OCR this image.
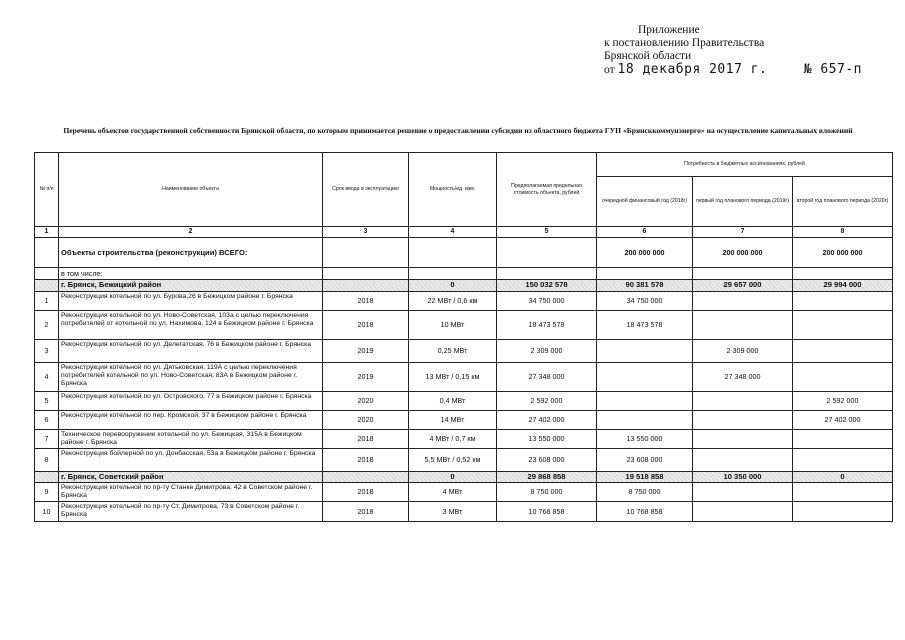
Приложение
к постановлению Правительства
Брянской области
от 18 декабря 2017 г.	№ 657-п
Перечень объектов государственной собственности Брянской области, по которым принимается решение о предоставлении субсидии из областного бюджета ГУП «Брянсккоммунэнерго» на осуществление капитальных вложений
№ п/п	Наименование объекта	Срок ввода в эксплуатацию	Мощность/ед. изм.	Предполагаемая предельная стоимость объекта, рублей	Потребность в бюджетных ассигнованиях, рублей		
					очередной финансовый год (2018г)	первый год планового периода (2019г)	второй год планового периода (2020г)
1	2	3	4	5	6	7	8
	Объекты строительства (реконструкции) ВСЕГО:				200 000 000	200 000 000	200 000 000
	в том числе:						
	г. Брянск, Бежицкий район		0	150 032 578	90 381 578	29 657 000	29 994 000
1	Реконструкция котельной по ул. Бурова,26 в Бежицком районе г. Брянска	2018	22 МВт / 0,6 км	34 750 000	34 750 000		
2	Реконструкция котельной по ул. Ново-Советская, 103а с целью переключения потребителей от котельной по ул. Нахимова, 124 в Бежицком районе г. Брянска	2018	10 МВт	18 473 578	18 473 578		
3	Реконструкция котельной по ул. Делегатская, 76 в Бежицком районе г. Брянска	2019	0,25 МВт	2 309 000		2 309 000	
4	Реконструкция котельной по ул. Дятьковская, 119А с целью переключения потребителей котельной по ул. Ново-Советская, 83А в Бежицком районе г. Брянска	2019	13 МВт / 0,15 км	27 348 000		27 348 000	
5	Реконструкция котельной по ул. Островского, 77 в Бежицком районе г. Брянска	2020	0,4 МВт	2 592 000			2 592 000
6	Реконструкция котельной по пер. Кромской, 37 в Бежицком районе г. Брянска	2020	14 МВт	27 402 000			27 402 000
7	Техническое перевооружение котельной по ул. Бежицкая, 315А в Бежицком районе г. Брянска	2018	4 МВт / 0,7 км	13 550 000	13 550 000		
8	Реконструкция бойлерной по ул. Донбасская, 53а в Бежицком районе г. Брянска	2018	5,5 МВт / 0,52 км	23 608 000	23 608 000		
	г. Брянск, Советский район		0	29 868 858	19 518 858	10 350 000	0
9	Реконструкция котельной по пр-ту Станке Димитрова, 42 в Советском районе г. Брянска	2018	4 МВт	8 750 000	8 750 000		
10	Реконструкция котельной по пр-ту Ст. Димитрова, 73 в Советском районе г. Брянска	2018	3 МВт	10 768 858	10 768 858		
